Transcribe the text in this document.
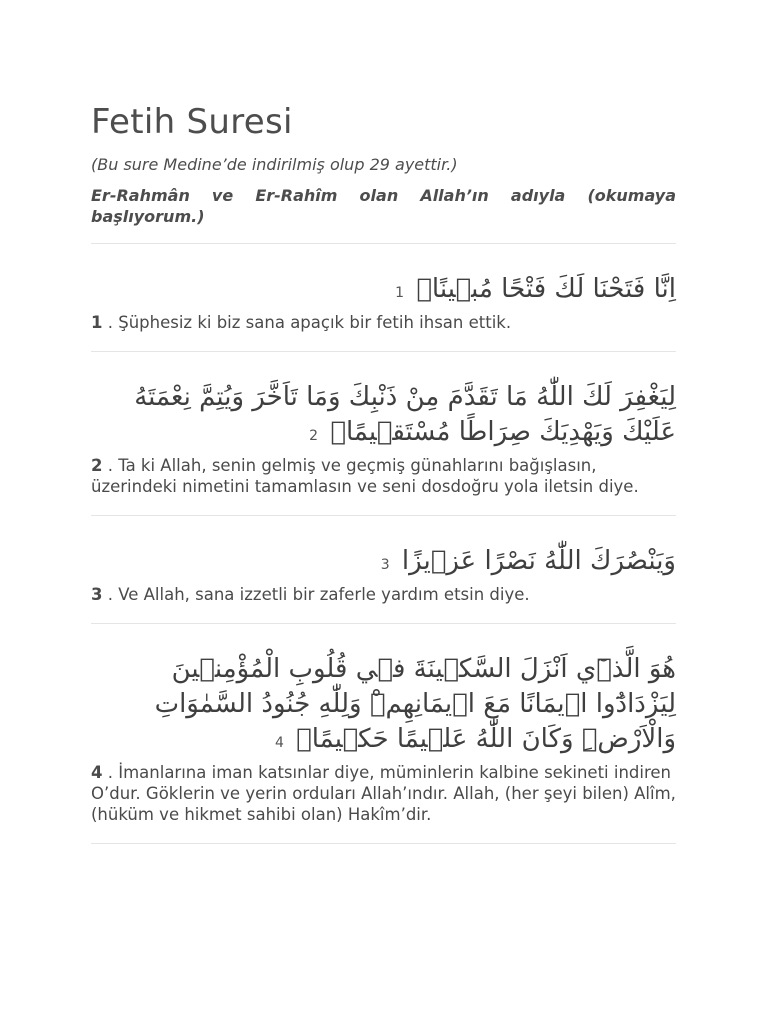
Fetih Suresi
(Bu sure Medine’de indirilmiş olup 29 ayettir.)
Er-Rahmân ve Er-Rahîm olan Allah’ın adıyla (okumaya başlıyorum.)
اِنَّا فَتَحْنَا لَكَ فَتْحًا مُب۪ينًاۙ 1
1 . Şüphesiz ki biz sana apaçık bir fetih ihsan ettik.
لِيَغْفِرَ لَكَ اللّٰهُ مَا تَقَدَّمَ مِنْ ذَنْبِكَ وَمَا تَاَخَّرَ وَيُتِمَّ نِعْمَتَهُ عَلَيْكَ وَيَهْدِيَكَ صِرَاطًا مُسْتَق۪يمًاۙ 2
2 . Ta ki Allah, senin gelmiş ve geçmiş günahlarını bağışlasın, üzerindeki nimetini tamamlasın ve seni dosdoğru yola iletsin diye.
وَيَنْصُرَكَ اللّٰهُ نَصْرًا عَز۪يزًا 3
3 . Ve Allah, sana izzetli bir zaferle yardım etsin diye.
هُوَ الَّذ۪ٓي اَنْزَلَ السَّك۪ينَةَ ف۪ي قُلُوبِ الْمُؤْمِن۪ينَ لِيَزْدَادُٓوا ا۪يمَانًا مَعَ ا۪يمَانِهِمْۜ وَلِلّٰهِ جُنُودُ السَّمٰوَاتِ وَالْاَرْضِۜ وَكَانَ اللّٰهُ عَل۪يمًا حَك۪يمًاۙ 4
4 . İmanlarına iman katsınlar diye, müminlerin kalbine sekineti indiren O’dur. Göklerin ve yerin orduları Allah’ındır. Allah, (her şeyi bilen) Alîm, (hüküm ve hikmet sahibi olan) Hakîm’dir.
